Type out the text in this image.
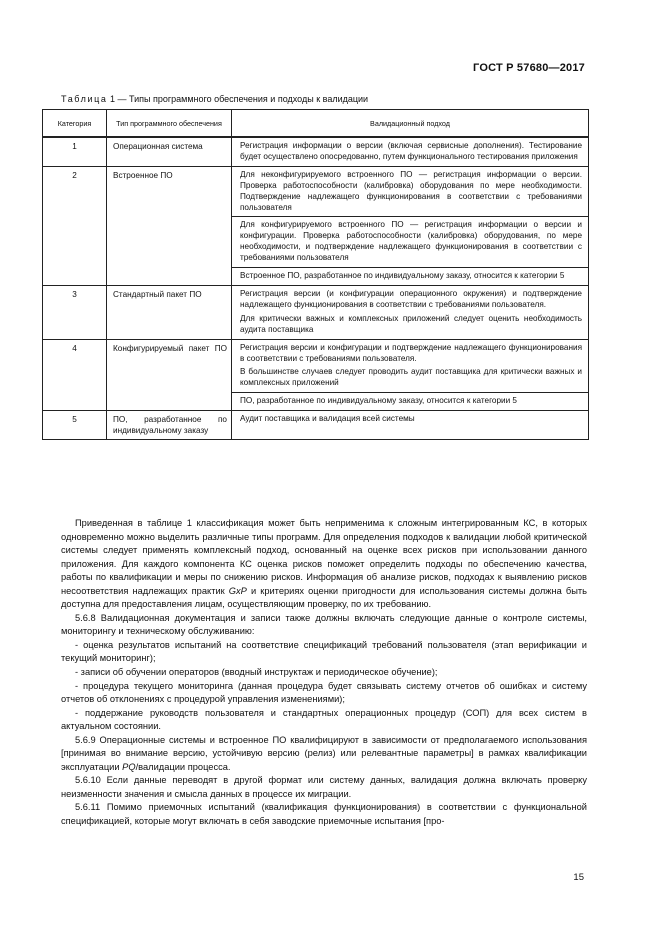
ГОСТ Р 57680—2017
Таблица 1 — Типы программного обеспечения и подходы к валидации
Категория	Тип программного обеспечения	Валидационный подход
1	Операционная система	Регистрация информации о версии (включая сервисные дополнения). Тестирование будет осуществлено опосредованно, путем функционального тестирования приложения
2	Встроенное ПО	Для неконфигурируемого встроенного ПО — регистрация информации о версии. Проверка работоспособности (калибровка) оборудования по мере необходимости. Подтверждение надлежащего функционирования в соответствии с требованиями пользователя
		Для конфигурируемого встроенного ПО — регистрация информации о версии и конфигурации. Проверка работоспособности (калибровка) оборудования, по мере необходимости, и подтверждение надлежащего функционирования в соответствии с требованиями пользователя
		Встроенное ПО, разработанное по индивидуальному заказу, относится к категории 5
3	Стандартный пакет ПО	Регистрация версии (и конфигурации операционного окружения) и подтверждение надлежащего функционирования в соответствии с требованиями пользователя.
Для критически важных и комплексных приложений следует оценить необходимость аудита поставщика

4	Конфигурируемый пакет ПО	Регистрация версии и конфигурации и подтверждение надлежащего функционирования в соответствии с требованиями пользователя.
В большинстве случаев следует проводить аудит поставщика для критически важных и комплексных приложений

		ПО, разработанное по индивидуальному заказу, относится к категории 5
5	ПО, разработанное по индивидуальному заказу	Аудит поставщика и валидация всей системы

Приведенная в таблице 1 классификация может быть неприменима к сложным интегрированным КС, в которых одновременно можно выделить различные типы программ. Для определения подходов к валидации любой критической системы следует применять комплексный подход, основанный на оценке всех рисков при использовании данного приложения. Для каждого компонента КС оценка рисков поможет определить подходы по обеспечению качества, работы по квалификации и меры по снижению рисков. Информация об анализе рисков, подходах к выявлению рисков несоответствия надлежащих практик GxP и критериях оценки пригодности для использования системы должна быть доступна для предоставления лицам, осуществляющим проверку, по их требованию.

5.6.8 Валидационная документация и записи также должны включать следующие данные о контроле системы, мониторингу и техническому обслуживанию:

- оценка результатов испытаний на соответствие спецификаций требований пользователя (этап верификации и текущий мониторинг);

- записи об обучении операторов (вводный инструктаж и периодическое обучение);

- процедура текущего мониторинга (данная процедура будет связывать систему отчетов об ошибках и систему отчетов об отклонениях с процедурой управления изменениями);

- поддержание руководств пользователя и стандартных операционных процедур (СОП) для всех систем в актуальном состоянии.

5.6.9 Операционные системы и встроенное ПО квалифицируют в зависимости от предполагаемого использования [принимая во внимание версию, устойчивую версию (релиз) или релевантные параметры] в рамках квалификации эксплуатации PQ/валидации процесса.

5.6.10 Если данные переводят в другой формат или систему данных, валидация должна включать проверку неизменности значения и смысла данных в процессе их миграции.

5.6.11 Помимо приемочных испытаний (квалификация функционирования) в соответствии с функциональной спецификацией, которые могут включать в себя заводские приемочные испытания [про-

15
